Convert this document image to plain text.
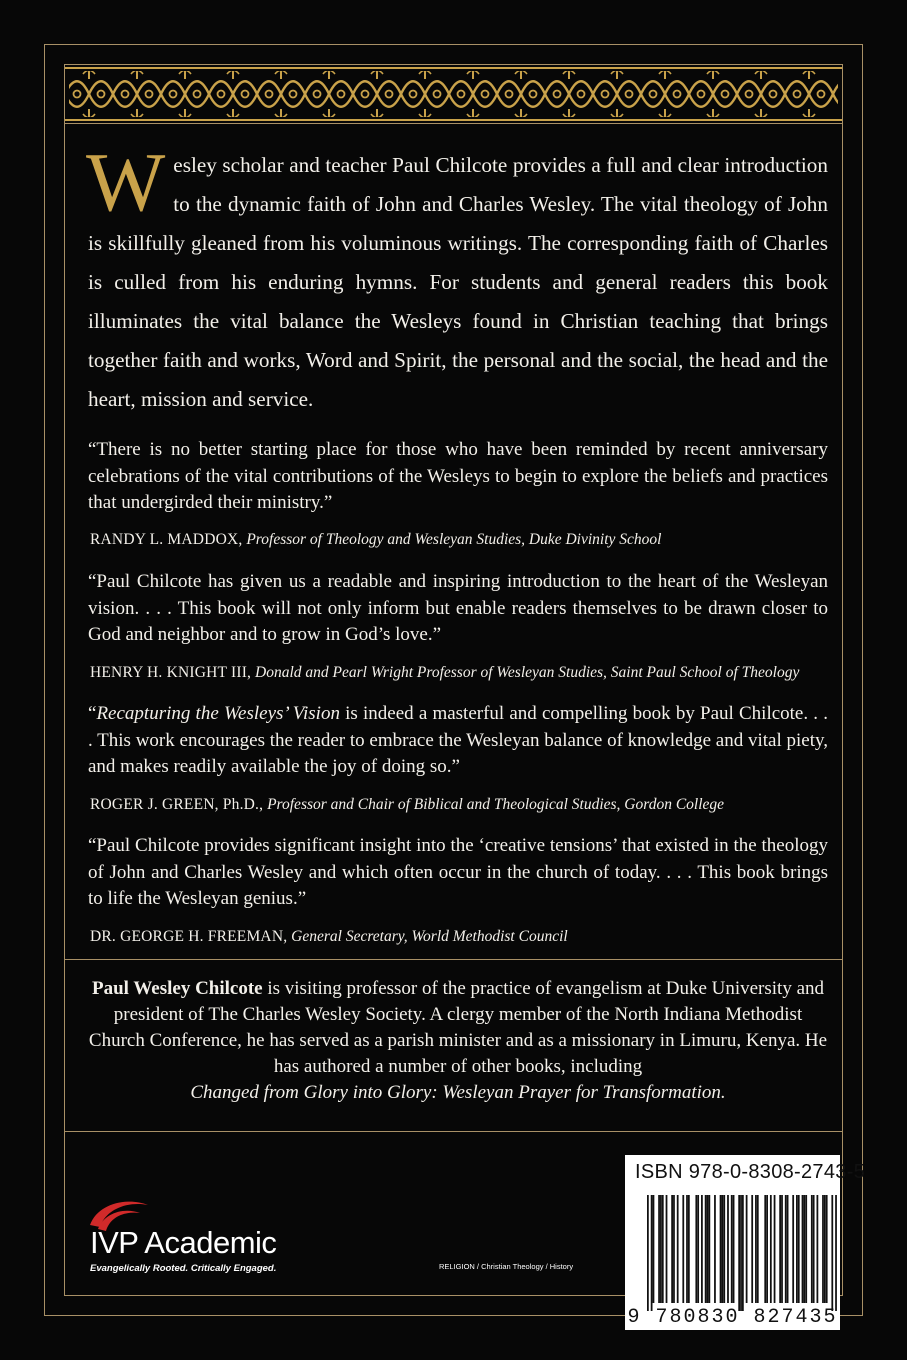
Wesley scholar and teacher Paul Chilcote provides a full and clear introduction to the dynamic faith of John and Charles Wesley. The vital theology of John is skillfully gleaned from his voluminous writings. The corresponding faith of Charles is culled from his enduring hymns. For students and general readers this book illuminates the vital balance the Wesleys found in Christian teaching that brings together faith and works, Word and Spirit, the personal and the social, the head and the heart, mission and service.
“There is no better starting place for those who have been reminded by recent anniversary celebrations of the vital contributions of the Wesleys to begin to explore the beliefs and practices that undergirded their ministry.”
RANDY L. MADDOX, Professor of Theology and Wesleyan Studies, Duke Divinity School
“Paul Chilcote has given us a readable and inspiring introduction to the heart of the Wesleyan vision. . . . This book will not only inform but enable readers themselves to be drawn closer to God and neighbor and to grow in God’s love.”
HENRY H. KNIGHT III, Donald and Pearl Wright Professor of Wesleyan Studies, Saint Paul School of Theology
“Recapturing the Wesleys’ Vision is indeed a masterful and compelling book by Paul Chilcote. . . . This work encourages the reader to embrace the Wesleyan balance of knowledge and vital piety, and makes readily available the joy of doing so.”
ROGER J. GREEN, Ph.D., Professor and Chair of Biblical and Theological Studies, Gordon College
“Paul Chilcote provides significant insight into the ‘creative tensions’ that existed in the theology of John and Charles Wesley and which often occur in the church of today. . . . This book brings to life the Wesleyan genius.”
DR. GEORGE H. FREEMAN, General Secretary, World Methodist Council
Paul Wesley Chilcote is visiting professor of the practice of evangelism at Duke University and president of The Charles Wesley Society. A clergy member of the North Indiana Methodist Church Conference, he has served as a parish minister and as a missionary in Limuru, Kenya. He has authored a number of other books, including
Changed from Glory into Glory: Wesleyan Prayer for Transformation.
IVP Academic
Evangelically Rooted. Critically Engaged.	RELIGION / Christian Theology / History
ISBN 978-0-8308-2743-5
9 780830 827435
